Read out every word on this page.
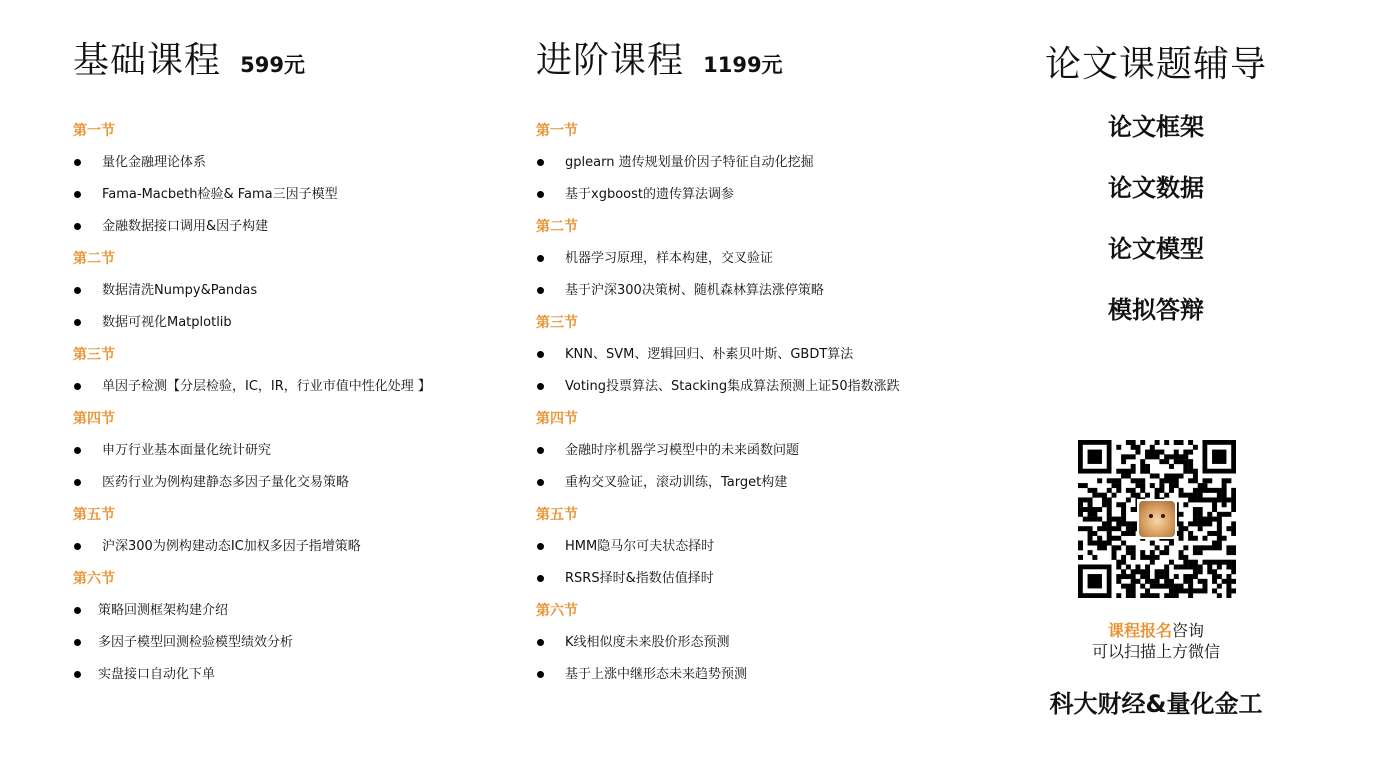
基础课程 599元
第一节
量化金融理论体系
Fama-Macbeth检验& Fama三因子模型
金融数据接口调用&因子构建
第二节
数据清洗Numpy&Pandas
数据可视化Matplotlib
第三节
单因子检测【分层检验，IC，IR，行业市值中性化处理 】
第四节
申万行业基本面量化统计研究
医药行业为例构建静态多因子量化交易策略
第五节
沪深300为例构建动态IC加权多因子指增策略
第六节
策略回测框架构建介绍
多因子模型回测检验模型绩效分析
实盘接口自动化下单
进阶课程 1199元
第一节
gplearn 遗传规划量价因子特征自动化挖掘
基于xgboost的遗传算法调参
第二节
机器学习原理，样本构建，交叉验证
基于沪深300决策树、随机森林算法涨停策略
第三节
KNN、SVM、逻辑回归、朴素贝叶斯、GBDT算法
Voting投票算法、Stacking集成算法预测上证50指数涨跌
第四节
金融时序机器学习模型中的未来函数问题
重构交叉验证，滚动训练，Target构建
第五节
HMM隐马尔可夫状态择时
RSRS择时&指数估值择时
第六节
K线相似度未来股价形态预测
基于上涨中继形态未来趋势预测
论文课题辅导
论文框架
论文数据
论文模型
模拟答辩
课程报名咨询
可以扫描上方微信
科大财经&量化金工
